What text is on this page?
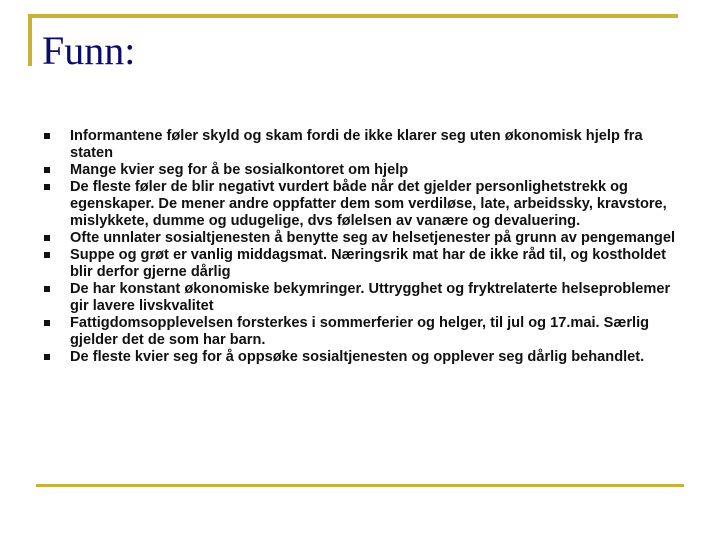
Funn:
Informantene føler skyld og skam fordi de ikke klarer seg uten økonomisk hjelp fra staten
Mange kvier seg for å be sosialkontoret om hjelp
De fleste føler de blir negativt vurdert både når det gjelder personlighetstrekk og egenskaper. De mener andre oppfatter dem som verdiløse, late, arbeidssky, kravstore, mislykkete, dumme og udugelige, dvs følelsen av vanære og devaluering.
Ofte unnlater sosialtjenesten å benytte seg av helsetjenester på grunn av pengemangel
Suppe og grøt er vanlig middagsmat. Næringsrik mat har de ikke råd til, og kostholdet blir derfor gjerne dårlig
De har konstant økonomiske bekymringer. Uttrygghet og fryktrelaterte helseproblemer gir lavere livskvalitet
Fattigdomsopplevelsen forsterkes i sommerferier og helger, til jul og 17.mai. Særlig gjelder det de som har barn.
De fleste kvier seg for å oppsøke sosialtjenesten og opplever seg dårlig behandlet.
